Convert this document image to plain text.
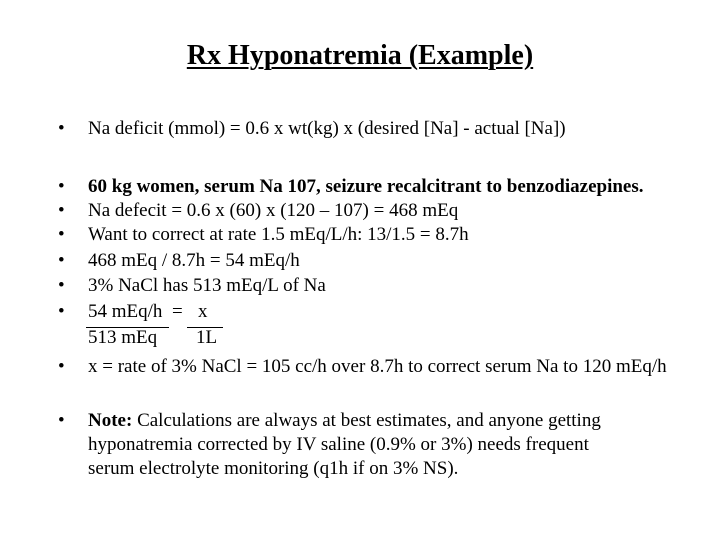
Rx Hyponatremia (Example)
• Na deficit (mmol) = 0.6 x wt(kg) x (desired [Na] - actual [Na])
• 60 kg women, serum Na 107, seizure recalcitrant to benzodiazepines.
• Na defecit = 0.6 x (60) x (120 – 107) = 468 mEq
• Want to correct at rate 1.5 mEq/L/h: 13/1.5 = 8.7h
• 468 mEq / 8.7h = 54 mEq/h
• 3% NaCl has 513 mEq/L of Na
• 54 mEq/h = x
513 mEq 1L
• x = rate of 3% NaCl = 105 cc/h over 8.7h to correct serum Na to 120 mEq/h
• Note: Calculations are always at best estimates, and anyone getting
hyponatremia corrected by IV saline (0.9% or 3%) needs frequent
serum electrolyte monitoring (q1h if on 3% NS).
